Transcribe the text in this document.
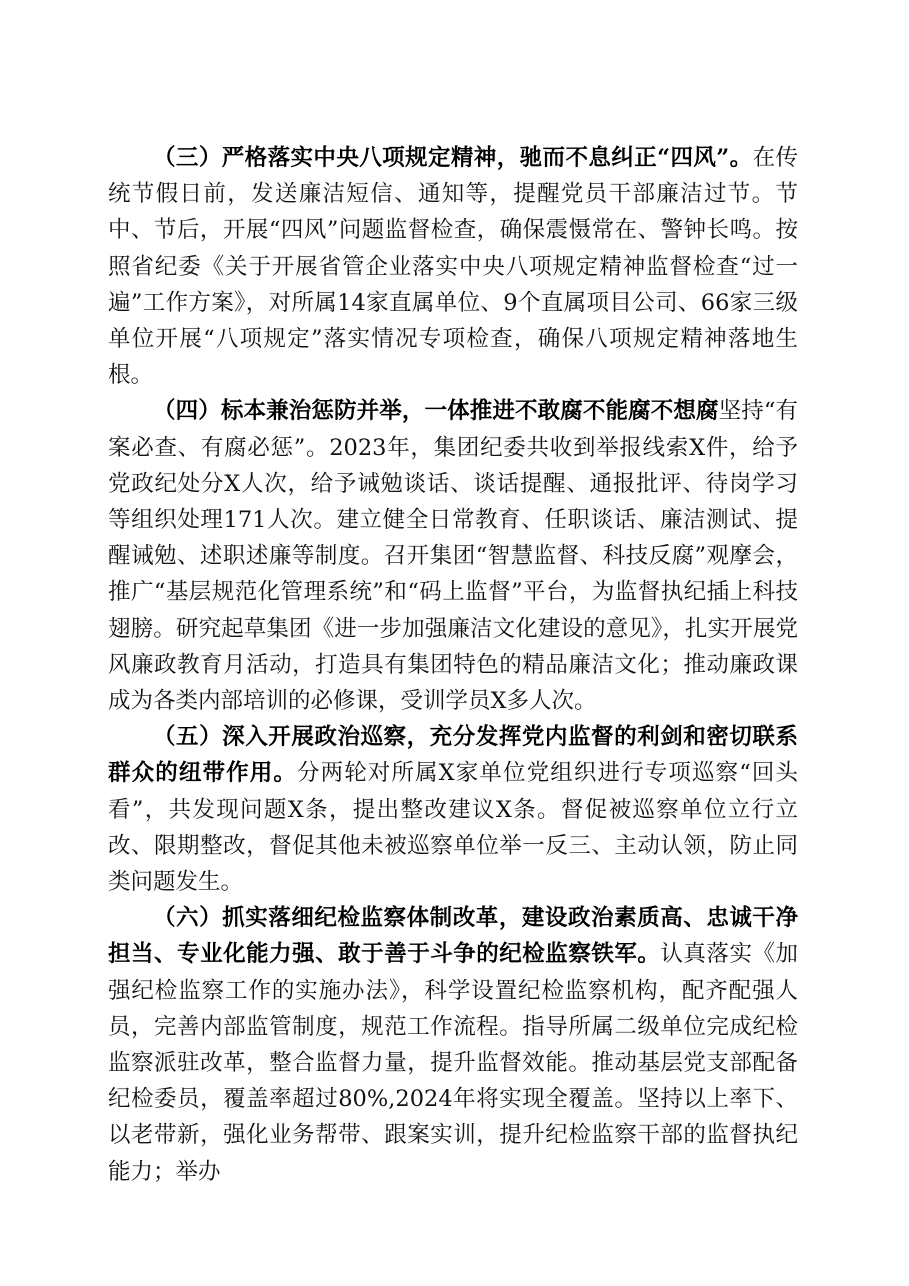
（三）严格落实中央八项规定精神，驰而不息纠正“四风”。在传统节假日前，发送廉洁短信、通知等，提醒党员干部廉洁过节。节中、节后，开展“四风”问题监督检查，确保震慑常在、警钟长鸣。按照省纪委《关于开展省管企业落实中央八项规定精神监督检查“过一遍”工作方案》，对所属14家直属单位、9个直属项目公司、66家三级单位开展“八项规定”落实情况专项检查，确保八项规定精神落地生根。

（四）标本兼治惩防并举，一体推进不敢腐不能腐不想腐坚持“有案必查、有腐必惩”。2023年，集团纪委共收到举报线索X件，给予党政纪处分X人次，给予诫勉谈话、谈话提醒、通报批评、待岗学习等组织处理171人次。建立健全日常教育、任职谈话、廉洁测试、提醒诫勉、述职述廉等制度。召开集团“智慧监督、科技反腐”观摩会，推广“基层规范化管理系统”和“码上监督”平台，为监督执纪插上科技翅膀。研究起草集团《进一步加强廉洁文化建设的意见》，扎实开展党风廉政教育月活动，打造具有集团特色的精品廉洁文化；推动廉政课成为各类内部培训的必修课，受训学员X多人次。

（五）深入开展政治巡察，充分发挥党内监督的利剑和密切联系群众的纽带作用。分两轮对所属X家单位党组织进行专项巡察“回头看”，共发现问题X条，提出整改建议X条。督促被巡察单位立行立改、限期整改，督促其他未被巡察单位举一反三、主动认领，防止同类问题发生。

（六）抓实落细纪检监察体制改革，建设政治素质高、忠诚干净担当、专业化能力强、敢于善于斗争的纪检监察铁军。认真落实《加强纪检监察工作的实施办法》，科学设置纪检监察机构，配齐配强人员，完善内部监管制度，规范工作流程。指导所属二级单位完成纪检监察派驻改革，整合监督力量，提升监督效能。推动基层党支部配备纪检委员，覆盖率超过80%,2024年将实现全覆盖。坚持以上率下、以老带新，强化业务帮带、跟案实训，提升纪检监察干部的监督执纪能力；举办
